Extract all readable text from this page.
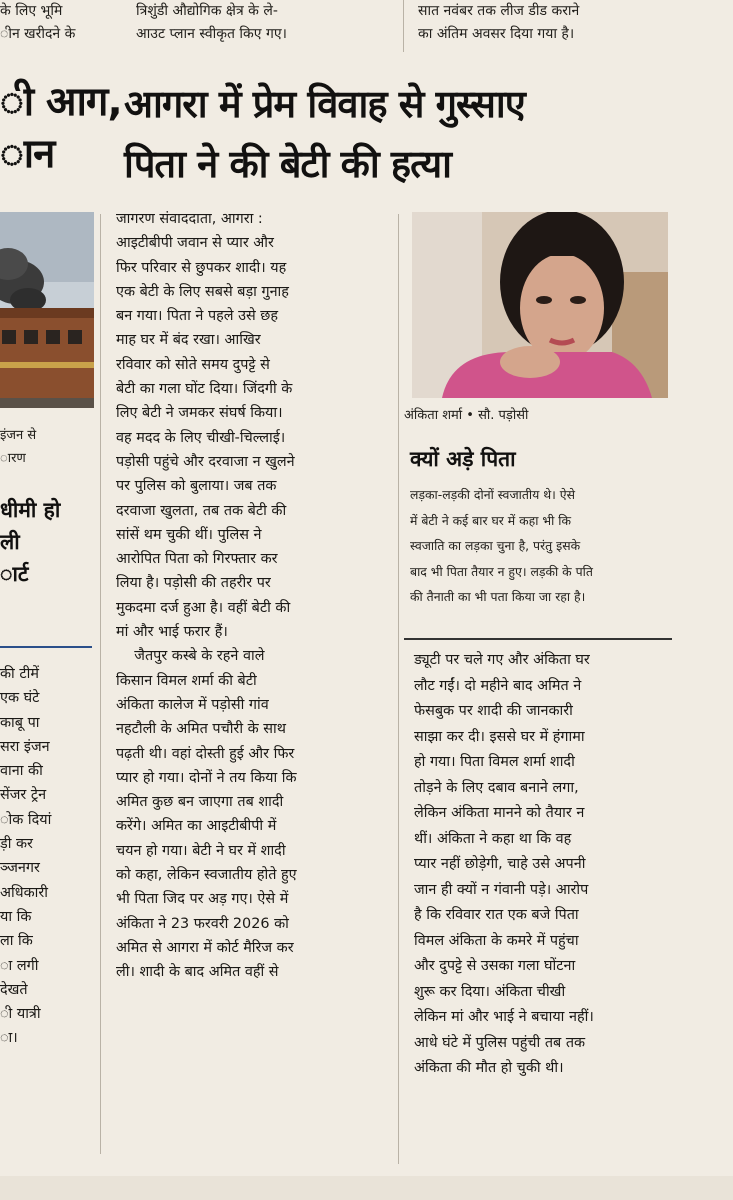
के लिए भूमि
ीन खरीदने के
त्रिशुंडी औद्योगिक क्षेत्र के ले-
आउट प्लान स्वीकृत किए गए।
सात नवंबर तक लीज डीड कराने
का अंतिम अवसर दिया गया है।
ी आग,
ान
इंजन से
ारण
धीमी हो
ली
ार्ट
की टीमें
एक घंटे
काबू पा
सरा इंजन
वाना की
सेंजर ट्रेन
ोक दियां
ड़ी कर
ञ्जनगर
अधिकारी
या कि
ला कि
ा लगी
देखते
ी यात्री
ा।
आगरा में प्रेम विवाह से गुस्साए
पिता ने की बेटी की हत्या
जागरण संवाददाता, आगरा :
आइटीबीपी जवान से प्यार और
फिर परिवार से छुपकर शादी। यह
एक बेटी के लिए सबसे बड़ा गुनाह
बन गया। पिता ने पहले उसे छह
माह घर में बंद रखा। आखिर
रविवार को सोते समय दुपट्टे से
बेटी का गला घोंट दिया। जिंदगी के
लिए बेटी ने जमकर संघर्ष किया।
वह मदद के लिए चीखी-चिल्लाई।
पड़ोसी पहुंचे और दरवाजा न खुलने
पर पुलिस को बुलाया। जब तक
दरवाजा खुलता, तब तक बेटी की
सांसें थम चुकी थीं। पुलिस ने
आरोपित पिता को गिरफ्तार कर
लिया है। पड़ोसी की तहरीर पर
मुकदमा दर्ज हुआ है। वहीं बेटी की
मां और भाई फरार हैं।
जैतपुर कस्बे के रहने वाले
किसान विमल शर्मा की बेटी
अंकिता कालेज में पड़ोसी गांव
नहटौली के अमित पचौरी के साथ
पढ़ती थी। वहां दोस्ती हुई और फिर
प्यार हो गया। दोनों ने तय किया कि
अमित कुछ बन जाएगा तब शादी
करेंगे। अमित का आइटीबीपी में
चयन हो गया। बेटी ने घर में शादी
को कहा, लेकिन स्वजातीय होते हुए
भी पिता जिद पर अड़ गए। ऐसे में
अंकिता ने 23 फरवरी 2026 को
अमित से आगरा में कोर्ट मैरिज कर
ली। शादी के बाद अमित वहीं से
अंकिता शर्मा • सौ. पड़ोसी
क्यों अड़े पिता
लड़का-लड़की दोनों स्वजातीय थे। ऐसे
में बेटी ने कई बार घर में कहा भी कि
स्वजाति का लड़का चुना है, परंतु इसके
बाद भी पिता तैयार न हुए। लड़की के पति
की तैनाती का भी पता किया जा रहा है।
ड्यूटी पर चले गए और अंकिता घर
लौट गईं। दो महीने बाद अमित ने
फेसबुक पर शादी की जानकारी
साझा कर दी। इससे घर में हंगामा
हो गया। पिता विमल शर्मा शादी
तोड़ने के लिए दबाव बनाने लगा,
लेकिन अंकिता मानने को तैयार न
थीं। अंकिता ने कहा था कि वह
प्यार नहीं छोड़ेगी, चाहे उसे अपनी
जान ही क्यों न गंवानी पड़े। आरोप
है कि रविवार रात एक बजे पिता
विमल अंकिता के कमरे में पहुंचा
और दुपट्टे से उसका गला घोंटना
शुरू कर दिया। अंकिता चीखी
लेकिन मां और भाई ने बचाया नहीं।
आधे घंटे में पुलिस पहुंची तब तक
अंकिता की मौत हो चुकी थी।
